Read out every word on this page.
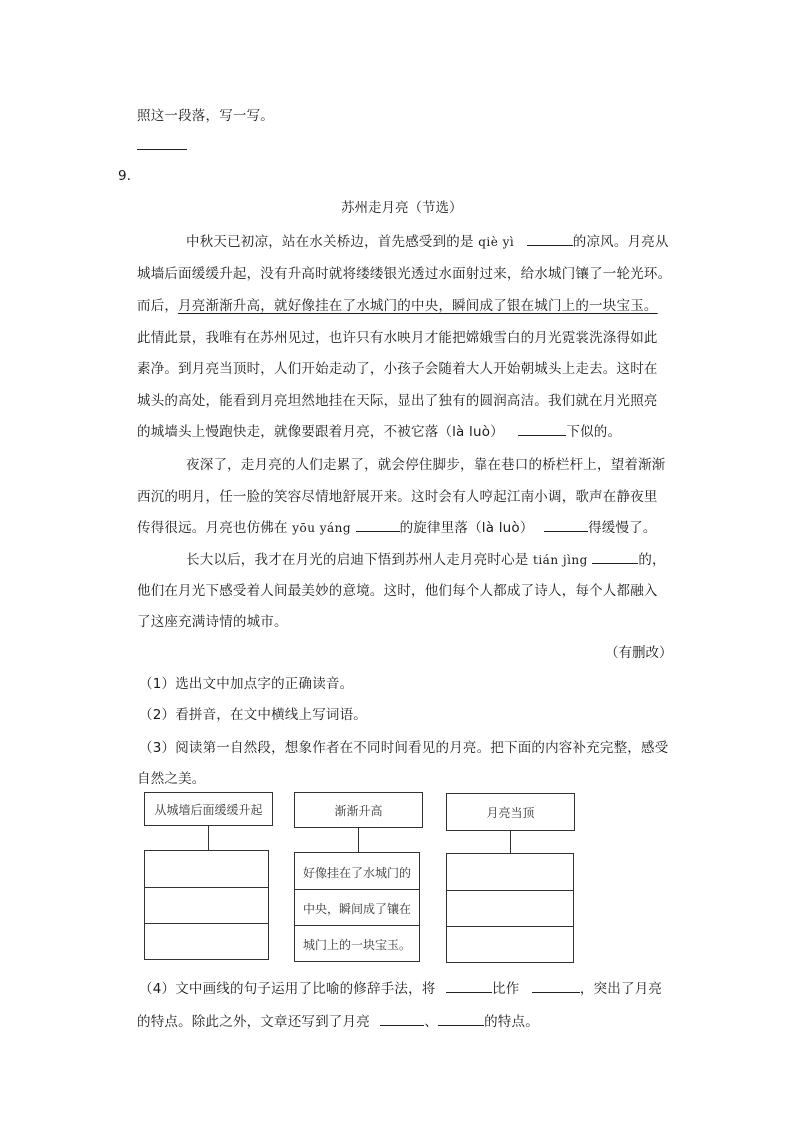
照这一段落，写一写。
9.
苏州走月亮（节选）
中秋天已初凉，站在水关桥边，首先感受到的是 qiè yì	的凉风。月亮从
城墙后面缓缓升起，没有升高时就将缕缕银光透过水面射过来，给水城门镶了一轮光环。
而后，月亮渐渐升高，就好像挂在了水城门的中央，瞬间成了银在城门上的一块宝玉。
此情此景，我唯有在苏州见过，也许只有水映月才能把嫦娥雪白的月光霓裳洗涤得如此
素净。到月亮当顶时，人们开始走动了，小孩子会随着大人开始朝城头上走去。这时在
城头的高处，能看到月亮坦然地挂在天际，显出了独有的圆润高洁。我们就在月光照亮
的城墙头上慢跑快走，就像要跟着月亮，不被它落（là luò）	下似的。
夜深了，走月亮的人们走累了，就会停住脚步，靠在巷口的桥栏杆上，望着渐渐
西沉的明月，任一脸的笑容尽情地舒展开来。这时会有人哼起江南小调，歌声在静夜里
传得很远。月亮也仿佛在 yōu yáng	的旋律里落（là luò）	得缓慢了。
长大以后，我才在月光的启迪下悟到苏州人走月亮时心是 tián jìng	的，
他们在月光下感受着人间最美妙的意境。这时，他们每个人都成了诗人，每个人都融入
了这座充满诗情的城市。
（有删改）
（1）选出文中加点字的正确读音。
（2）看拼音，在文中横线上写词语。
（3）阅读第一自然段，想象作者在不同时间看见的月亮。把下面的内容补充完整，感受
自然之美。
从城墙后面缓缓升起	渐渐升高
好像挂在了水城门的
中央，瞬间成了镶在
城门上的一块宝玉。
月亮当顶
（4）文中画线的句子运用了比喻的修辞手法，将	比作	，突出了月亮
的特点。除此之外，文章还写到了月亮	、	的特点。
